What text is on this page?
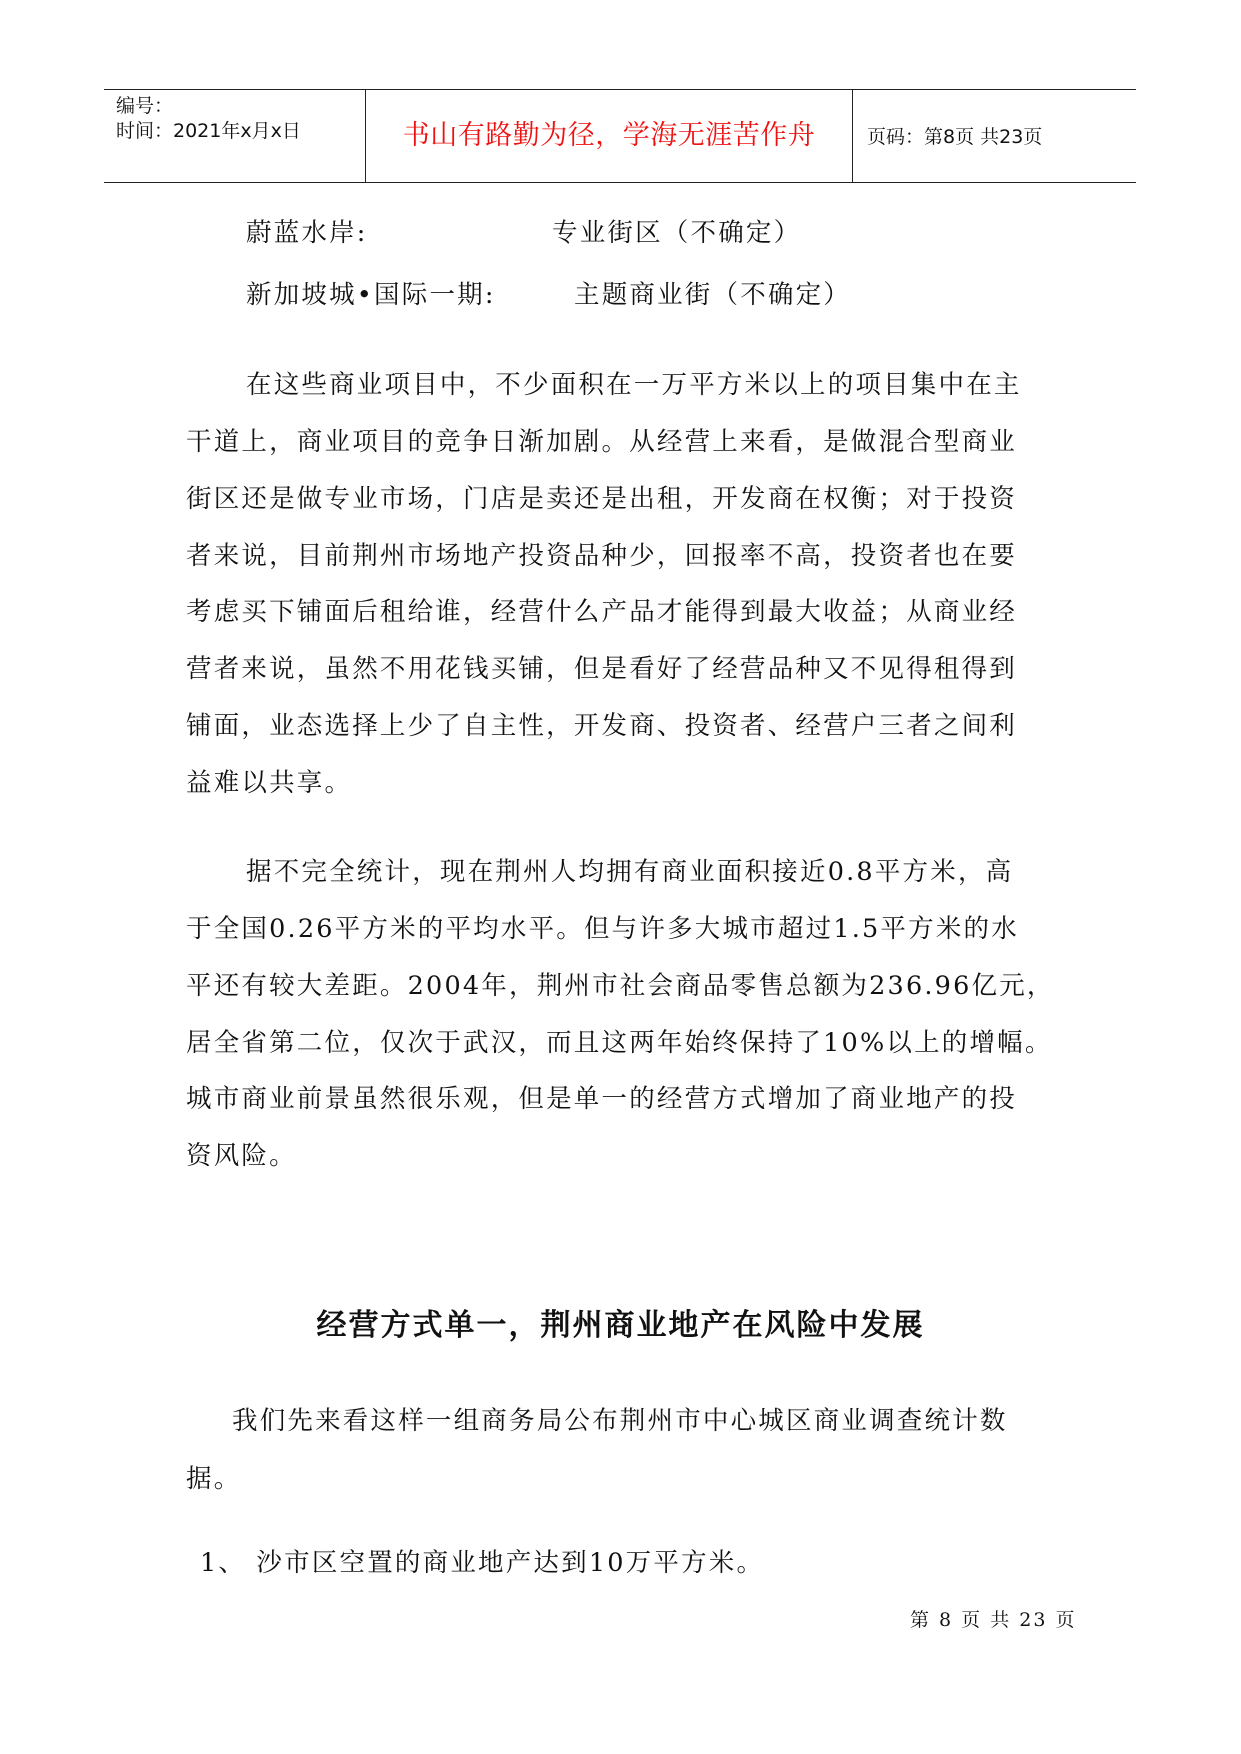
编号：
时间：2021年x月x日	书山有路勤为径，学海无涯苦作舟	页码：第8页 共23页
蔚蓝水岸:	专业街区（不确定）
新加坡城•国际一期:	主题商业街（不确定）
在这些商业项目中，不少面积在一万平方米以上的项目集中在主
干道上，商业项目的竞争日渐加剧。从经营上来看，是做混合型商业
街区还是做专业市场，门店是卖还是出租，开发商在权衡；对于投资
者来说，目前荆州市场地产投资品种少，回报率不高，投资者也在要
考虑买下铺面后租给谁，经营什么产品才能得到最大收益；从商业经
营者来说，虽然不用花钱买铺，但是看好了经营品种又不见得租得到
铺面，业态选择上少了自主性，开发商、投资者、经营户三者之间利
益难以共享。
据不完全统计，现在荆州人均拥有商业面积接近0.8平方米，高
于全国0.26平方米的平均水平。但与许多大城市超过1.5平方米的水
平还有较大差距。2004年，荆州市社会商品零售总额为236.96亿元，
居全省第二位，仅次于武汉，而且这两年始终保持了10%以上的增幅。
城市商业前景虽然很乐观，但是单一的经营方式增加了商业地产的投
资风险。
经营方式单一，荆州商业地产在风险中发展
我们先来看这样一组商务局公布荆州市中心城区商业调查统计数
据。
1、 沙市区空置的商业地产达到10万平方米。
第 8 页 共 23 页
